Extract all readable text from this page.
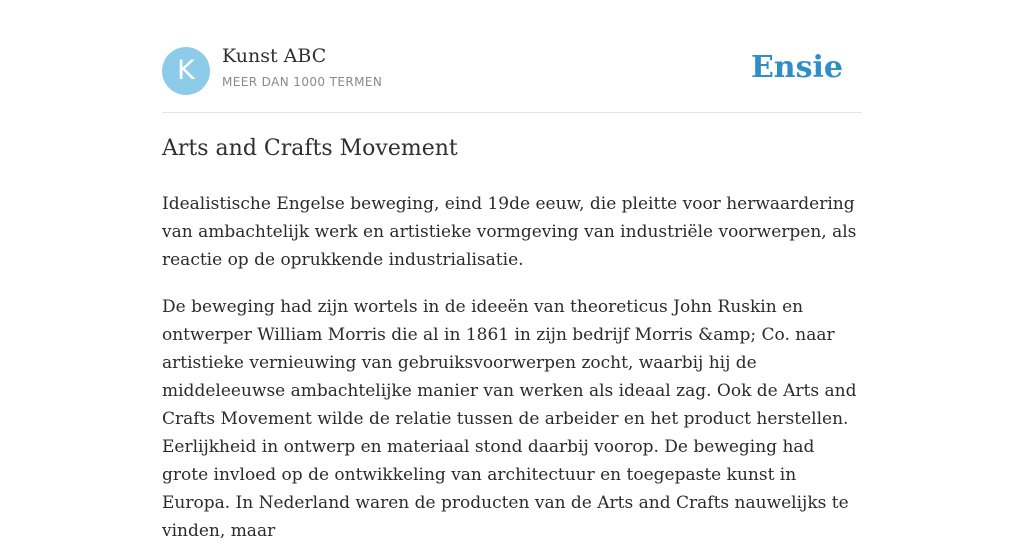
K	Kunst ABC
MEER DAN 1000 TERMEN	Ensie
Arts and Crafts Movement

Idealistische Engelse beweging, eind 19de eeuw, die pleitte voor herwaardering van ambachtelijk werk en artistieke vormgeving van industriële voorwerpen, als reactie op de oprukkende industrialisatie.

De beweging had zijn wortels in de ideeën van theoreticus John Ruskin en ontwerper William Morris die al in 1861 in zijn bedrijf Morris &amp; Co. naar artistieke vernieuwing van gebruiksvoorwerpen zocht, waarbij hij de middeleeuwse ambachtelijke manier van werken als ideaal zag. Ook de Arts and Crafts Movement wilde de relatie tussen de arbeider en het product herstellen. Eerlijkheid in ontwerp en materiaal stond daarbij voorop. De beweging had grote invloed op de ontwikkeling van architectuur en toegepaste kunst in Europa. In Nederland waren de producten van de Arts and Crafts nauwelijks te vinden, maar
